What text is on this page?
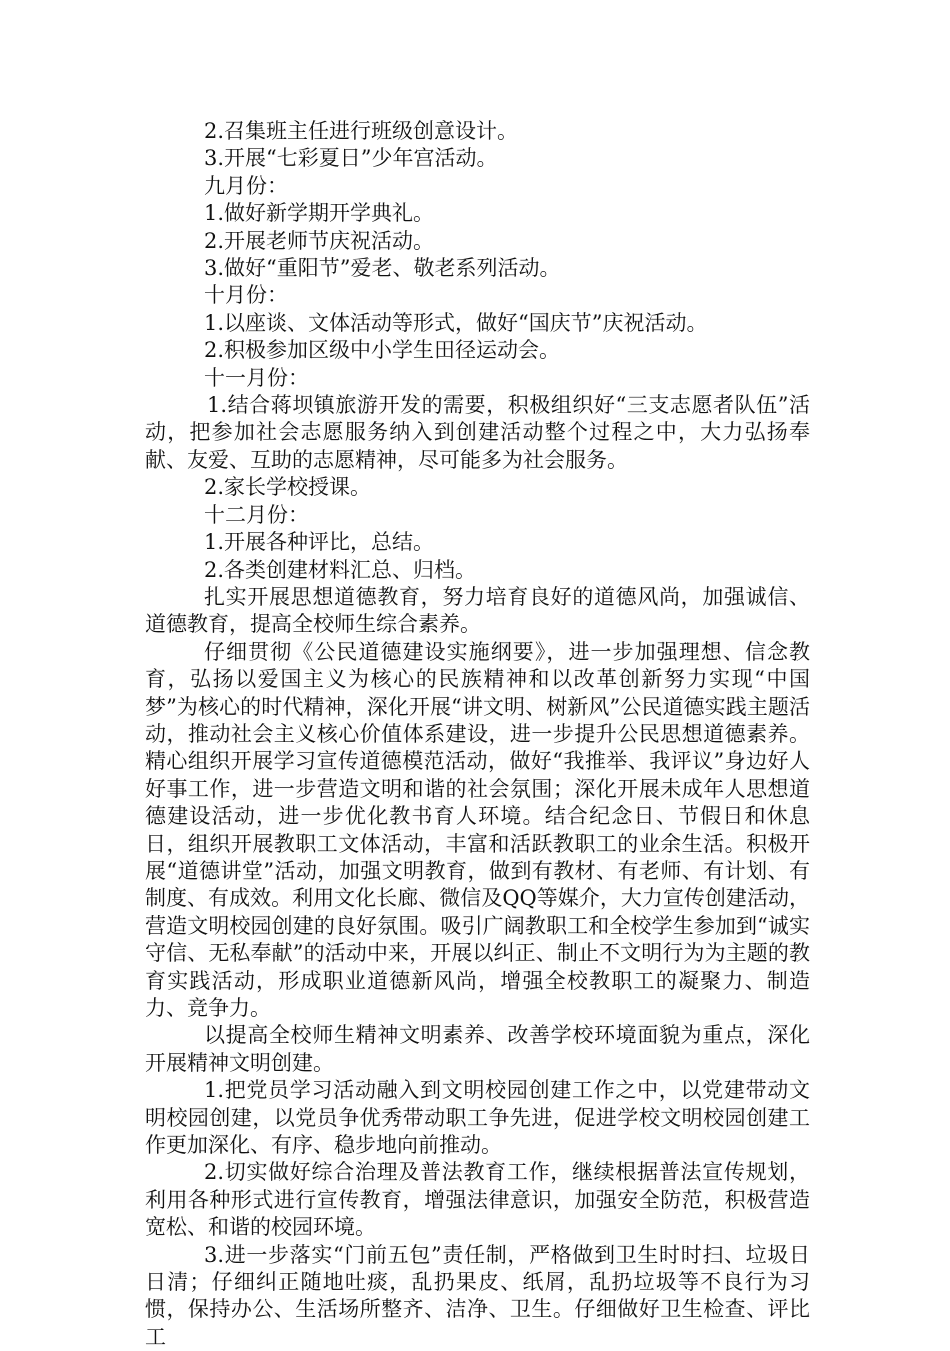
2.召集班主任进行班级创意设计。

3.开展“七彩夏日”少年宫活动。

九月份：

1.做好新学期开学典礼。

2.开展老师节庆祝活动。

3.做好“重阳节”爱老、敬老系列活动。

十月份：

1.以座谈、文体活动等形式，做好“国庆节”庆祝活动。

2.积极参加区级中小学生田径运动会。

十一月份：

1.结合蒋坝镇旅游开发的需要，积极组织好“三支志愿者队伍”活动，把参加社会志愿服务纳入到创建活动整个过程之中，大力弘扬奉献、友爱、互助的志愿精神，尽可能多为社会服务。

2.家长学校授课。

十二月份：

1.开展各种评比，总结。

2.各类创建材料汇总、归档。

扎实开展思想道德教育，努力培育良好的道德风尚，加强诚信、道德教育，提高全校师生综合素养。

仔细贯彻《公民道德建设实施纲要》，进一步加强理想、信念教育，弘扬以爱国主义为核心的民族精神和以改革创新努力实现“中国梦”为核心的时代精神，深化开展“讲文明、树新风”公民道德实践主题活动，推动社会主义核心价值体系建设，进一步提升公民思想道德素养。精心组织开展学习宣传道德模范活动，做好“我推举、我评议”身边好人好事工作，进一步营造文明和谐的社会氛围；深化开展未成年人思想道德建设活动，进一步优化教书育人环境。结合纪念日、节假日和休息日，组织开展教职工文体活动，丰富和活跃教职工的业余生活。积极开展“道德讲堂”活动，加强文明教育，做到有教材、有老师、有计划、有制度、有成效。利用文化长廊、微信及QQ等媒介，大力宣传创建活动，营造文明校园创建的良好氛围。吸引广阔教职工和全校学生参加到“诚实守信、无私奉献”的活动中来，开展以纠正、制止不文明行为为主题的教育实践活动，形成职业道德新风尚，增强全校教职工的凝聚力、制造力、竞争力。

以提高全校师生精神文明素养、改善学校环境面貌为重点，深化开展精神文明创建。

1.把党员学习活动融入到文明校园创建工作之中，以党建带动文明校园创建，以党员争优秀带动职工争先进，促进学校文明校园创建工作更加深化、有序、稳步地向前推动。

2.切实做好综合治理及普法教育工作，继续根据普法宣传规划，利用各种形式进行宣传教育，增强法律意识，加强安全防范，积极营造宽松、和谐的校园环境。

3.进一步落实“门前五包”责任制，严格做到卫生时时扫、垃圾日日清；仔细纠正随地吐痰，乱扔果皮、纸屑，乱扔垃圾等不良行为习惯，保持办公、生活场所整齐、洁净、卫生。仔细做好卫生检查、评比工
